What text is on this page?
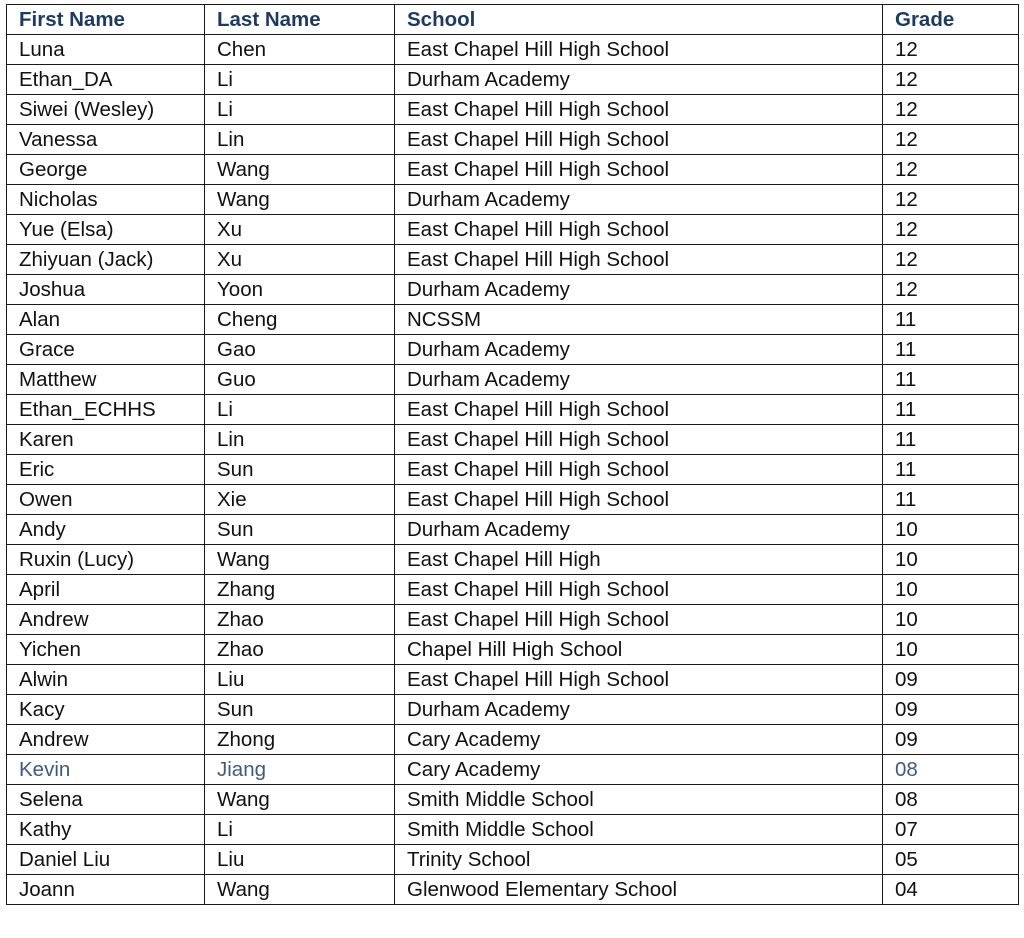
First Name	Last Name	School	Grade
Luna	Chen	East Chapel Hill High School	12
Ethan_DA	Li	Durham Academy	12
Siwei (Wesley)	Li	East Chapel Hill High School	12
Vanessa	Lin	East Chapel Hill High School	12
George	Wang	East Chapel Hill High School	12
Nicholas	Wang	Durham Academy	12
Yue (Elsa)	Xu	East Chapel Hill High School	12
Zhiyuan (Jack)	Xu	East Chapel Hill High School	12
Joshua	Yoon	Durham Academy	12
Alan	Cheng	NCSSM	11
Grace	Gao	Durham Academy	11
Matthew	Guo	Durham Academy	11
Ethan_ECHHS	Li	East Chapel Hill High School	11
Karen	Lin	East Chapel Hill High School	11
Eric	Sun	East Chapel Hill High School	11
Owen	Xie	East Chapel Hill High School	11
Andy	Sun	Durham Academy	10
Ruxin (Lucy)	Wang	East Chapel Hill High	10
April	Zhang	East Chapel Hill High School	10
Andrew	Zhao	East Chapel Hill High School	10
Yichen	Zhao	Chapel Hill High School	10
Alwin	Liu	East Chapel Hill High School	09
Kacy	Sun	Durham Academy	09
Andrew	Zhong	Cary Academy	09
Kevin	Jiang	Cary Academy	08
Selena	Wang	Smith Middle School	08
Kathy	Li	Smith Middle School	07
Daniel Liu	Liu	Trinity School	05
Joann	Wang	Glenwood Elementary School	04
